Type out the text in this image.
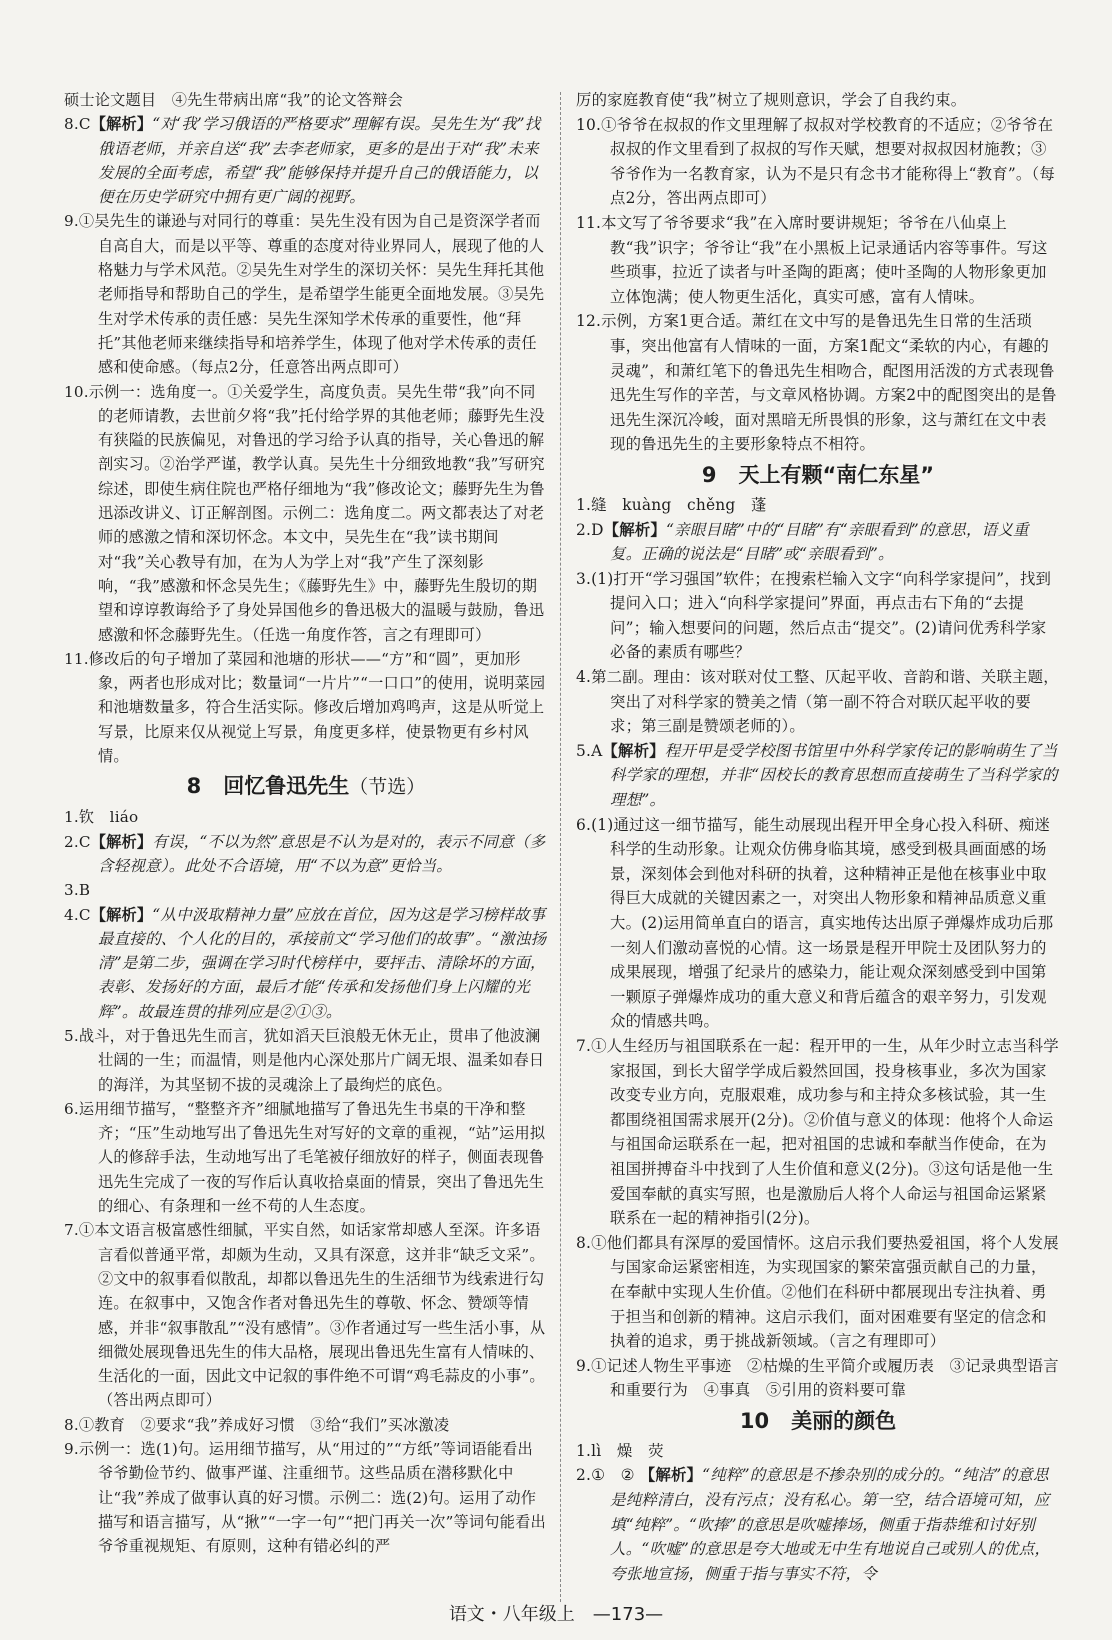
硕士论文题目　④先生带病出席“我”的论文答辩会

8.C【解析】“对‘我’学习俄语的严格要求”理解有误。吴先生为“我”找俄语老师，并亲自送“我”去李老师家，更多的是出于对“我”未来发展的全面考虑，希望“我”能够保持并提升自己的俄语能力，以便在历史学研究中拥有更广阔的视野。

9.①吴先生的谦逊与对同行的尊重：吴先生没有因为自己是资深学者而自高自大，而是以平等、尊重的态度对待业界同人，展现了他的人格魅力与学术风范。②吴先生对学生的深切关怀：吴先生拜托其他老师指导和帮助自己的学生，是希望学生能更全面地发展。③吴先生对学术传承的责任感：吴先生深知学术传承的重要性，他“拜托”其他老师来继续指导和培养学生，体现了他对学术传承的责任感和使命感。（每点2分，任意答出两点即可）

10.示例一：选角度一。①关爱学生，高度负责。吴先生带“我”向不同的老师请教，去世前夕将“我”托付给学界的其他老师；藤野先生没有狭隘的民族偏见，对鲁迅的学习给予认真的指导，关心鲁迅的解剖实习。②治学严谨，教学认真。吴先生十分细致地教“我”写研究综述，即使生病住院也严格仔细地为“我”修改论文；藤野先生为鲁迅添改讲义、订正解剖图。示例二：选角度二。两文都表达了对老师的感激之情和深切怀念。本文中，吴先生在“我”读书期间对“我”关心教导有加，在为人为学上对“我”产生了深刻影响，“我”感激和怀念吴先生；《藤野先生》中，藤野先生殷切的期望和谆谆教诲给予了身处异国他乡的鲁迅极大的温暖与鼓励，鲁迅感激和怀念藤野先生。（任选一角度作答，言之有理即可）

11.修改后的句子增加了菜园和池塘的形状——“方”和“圆”，更加形象，两者也形成对比；数量词“一片片”“一口口”的使用，说明菜园和池塘数量多，符合生活实际。修改后增加鸡鸣声，这是从听觉上写景，比原来仅从视觉上写景，角度更多样，使景物更有乡村风情。

8 回忆鲁迅先生（节选）

1.钦　liáo

2.C【解析】有误，“不以为然”意思是不认为是对的，表示不同意（多含轻视意）。此处不合语境，用“不以为意”更恰当。

3.B

4.C【解析】“从中汲取精神力量”应放在首位，因为这是学习榜样故事最直接的、个人化的目的，承接前文“学习他们的故事”。“激浊扬清”是第二步，强调在学习时代榜样中，要抨击、清除坏的方面，表彰、发扬好的方面，最后才能“传承和发扬他们身上闪耀的光辉”。故最连贯的排列应是②①③。

5.战斗，对于鲁迅先生而言，犹如滔天巨浪般无休无止，贯串了他波澜壮阔的一生；而温情，则是他内心深处那片广阔无垠、温柔如春日的海洋，为其坚韧不拔的灵魂涂上了最绚烂的底色。

6.运用细节描写，“整整齐齐”细腻地描写了鲁迅先生书桌的干净和整齐；“压”生动地写出了鲁迅先生对写好的文章的重视，“站”运用拟人的修辞手法，生动地写出了毛笔被仔细放好的样子，侧面表现鲁迅先生完成了一夜的写作后认真收拾桌面的情景，突出了鲁迅先生的细心、有条理和一丝不苟的人生态度。

7.①本文语言极富感性细腻，平实自然，如话家常却感人至深。许多语言看似普通平常，却颇为生动，又具有深意，这并非“缺乏文采”。②文中的叙事看似散乱，却都以鲁迅先生的生活细节为线索进行勾连。在叙事中，又饱含作者对鲁迅先生的尊敬、怀念、赞颂等情感，并非“叙事散乱”“没有感情”。③作者通过写一些生活小事，从细微处展现鲁迅先生的伟大品格，展现出鲁迅先生富有人情味的、生活化的一面，因此文中记叙的事件绝不可谓“鸡毛蒜皮的小事”。（答出两点即可）

8.①教育　②要求“我”养成好习惯　③给“我们”买冰激凌

9.示例一：选(1)句。运用细节描写，从“用过的”“方纸”等词语能看出爷爷勤俭节约、做事严谨、注重细节。这些品质在潜移默化中让“我”养成了做事认真的好习惯。示例二：选(2)句。运用了动作描写和语言描写，从“揪”“一字一句”“把门再关一次”等词句能看出爷爷重视规矩、有原则，这种有错必纠的严

厉的家庭教育使“我”树立了规则意识，学会了自我约束。

10.①爷爷在叔叔的作文里理解了叔叔对学校教育的不适应；②爷爷在叔叔的作文里看到了叔叔的写作天赋，想要对叔叔因材施教；③爷爷作为一名教育家，认为不是只有念书才能称得上“教育”。（每点2分，答出两点即可）

11.本文写了爷爷要求“我”在入席时要讲规矩；爷爷在八仙桌上教“我”识字；爷爷让“我”在小黑板上记录通话内容等事件。写这些琐事，拉近了读者与叶圣陶的距离；使叶圣陶的人物形象更加立体饱满；使人物更生活化，真实可感，富有人情味。

12.示例，方案1更合适。萧红在文中写的是鲁迅先生日常的生活琐事，突出他富有人情味的一面，方案1配文“柔软的内心，有趣的灵魂”，和萧红笔下的鲁迅先生相吻合，配图用活泼的方式表现鲁迅先生写作的辛苦，与文章风格协调。方案2中的配图突出的是鲁迅先生深沉冷峻，面对黑暗无所畏惧的形象，这与萧红在文中表现的鲁迅先生的主要形象特点不相符。

9 天上有颗“南仁东星”

1.缝　kuàng　chěng　蓬

2.D【解析】“亲眼目睹”中的“目睹”有“亲眼看到”的意思，语义重复。正确的说法是“目睹”或“亲眼看到”。

3.(1)打开“学习强国”软件；在搜索栏输入文字“向科学家提问”，找到提问入口；进入“向科学家提问”界面，再点击右下角的“去提问”；输入想要问的问题，然后点击“提交”。(2)请问优秀科学家必备的素质有哪些？

4.第二副。理由：该对联对仗工整、仄起平收、音韵和谐、关联主题，突出了对科学家的赞美之情（第一副不符合对联仄起平收的要求；第三副是赞颂老师的）。

5.A【解析】程开甲是受学校图书馆里中外科学家传记的影响萌生了当科学家的理想，并非“因校长的教育思想而直接萌生了当科学家的理想”。

6.(1)通过这一细节描写，能生动展现出程开甲全身心投入科研、痴迷科学的生动形象。让观众仿佛身临其境，感受到极具画面感的场景，深刻体会到他对科研的执着，这种精神正是他在核事业中取得巨大成就的关键因素之一，对突出人物形象和精神品质意义重大。(2)运用简单直白的语言，真实地传达出原子弹爆炸成功后那一刻人们激动喜悦的心情。这一场景是程开甲院士及团队努力的成果展现，增强了纪录片的感染力，能让观众深刻感受到中国第一颗原子弹爆炸成功的重大意义和背后蕴含的艰辛努力，引发观众的情感共鸣。

7.①人生经历与祖国联系在一起：程开甲的一生，从年少时立志当科学家报国，到长大留学学成后毅然回国，投身核事业，多次为国家改变专业方向，克服艰难，成功参与和主持众多核试验，其一生都围绕祖国需求展开(2分)。②价值与意义的体现：他将个人命运与祖国命运联系在一起，把对祖国的忠诚和奉献当作使命，在为祖国拼搏奋斗中找到了人生价值和意义(2分)。③这句话是他一生爱国奉献的真实写照，也是激励后人将个人命运与祖国命运紧紧联系在一起的精神指引(2分)。

8.①他们都具有深厚的爱国情怀。这启示我们要热爱祖国，将个人发展与国家命运紧密相连，为实现国家的繁荣富强贡献自己的力量，在奉献中实现人生价值。②他们在科研中都展现出专注执着、勇于担当和创新的精神。这启示我们，面对困难要有坚定的信念和执着的追求，勇于挑战新领域。（言之有理即可）

9.①记述人物生平事迹　②枯燥的生平简介或履历表　③记录典型语言和重要行为　④事真　⑤引用的资料要可靠

10 美丽的颜色

1.lì　燥　荧

2.①　② 【解析】“纯粹”的意思是不掺杂别的成分的。“纯洁”的意思是纯粹清白，没有污点；没有私心。第一空，结合语境可知，应填“纯粹”。“吹捧”的意思是吹嘘捧场，侧重于指恭维和讨好别人。“吹嘘”的意思是夸大地或无中生有地说自己或别人的优点，夸张地宣扬，侧重于指与事实不符，令

语文・八年级上　—173—
